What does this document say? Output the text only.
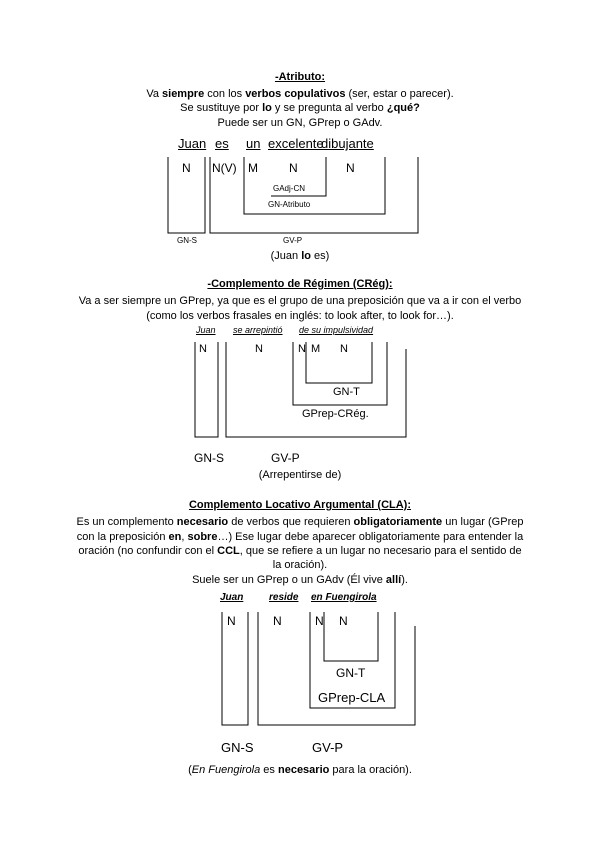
-Atributo:
Va siempre con los verbos copulativos (ser, estar o parecer).
Se sustituye por lo y se pregunta al verbo ¿qué?
Puede ser un GN, GPrep o GAdv.
Juan es un excelente
dibujante
N N(V) M	N	N
GAdj-CN
GN-Atributo
GN-S	GV-P
(Juan lo es)
-Complemento de Régimen (CRég):
Va a ser siempre un GPrep, ya que es el grupo de una preposición que va a ir con el verbo
(como los verbos frasales en inglés: to look after, to look for…).
Juan se arrepintió de su impulsividad
N	N	N M N
GN-T
GPrep-CRég.
GN-S	GV-P
(Arrepentirse de)
Complemento Locativo Argumental (CLA):
Es un complemento necesario de verbos que requieren obligatoriamente un lugar (GPrep
con la preposición en, sobre…) Ese lugar debe aparecer obligatoriamente para entender la
oración (no confundir con el CCL, que se refiere a un lugar no necesario para el sentido de
la oración).
Suele ser un GPrep o un GAdv (Él vive allí).
Juan	reside en Fuengirola
N	N	N N
GN-T
GPrep-CLA
GN-S	GV-P
(En Fuengirola es necesario para la oración).
